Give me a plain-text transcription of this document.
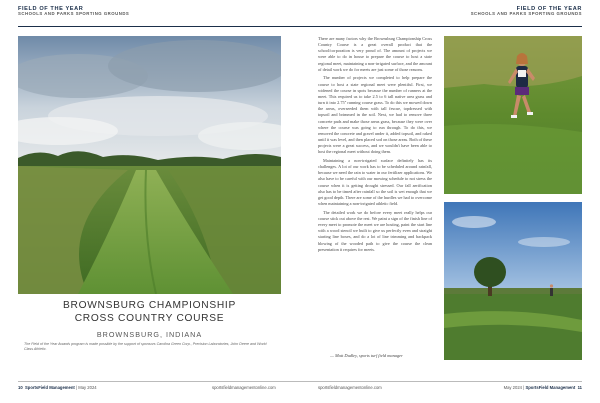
FIELD OF THE YEAR
SCHOOLS AND PARKS SPORTING GROUNDS
FIELD OF THE YEAR
SCHOOLS AND PARKS SPORTING GROUNDS

BROWNSBURG CHAMPIONSHIP

CROSS COUNTRY COURSE

BROWNSBURG, INDIANA
The Field of the Year Awards program is made possible by the support of sponsors Carolina Green Corp., Precision Laboratories, John Deere and World Class Athletic.

There are many factors why the Brownsburg Championship Cross Country Course is a great overall product that the school/corporation is very proud of. The amount of projects we were able to do in house to prepare the course to host a state regional meet, maintaining a non-irrigated surface, and the amount of detail work we do for meets are just some of those reasons.

The number of projects we completed to help prepare the course to host a state regional meet were plentiful. First, we widened the course in spots because the number of runners at the meet. This required us to take 2.5 to 6 tall native area grass and turn it into 2.75" running course grass. To do this we mowed down the areas, overseeded them with tall fescue, topdressed with topsoil and brimmed in the soil. Next, we had to remove three concrete pads and make those areas grass, because they were over where the course was going to run through. To do this, we removed the concrete and gravel under it, added topsoil, and raked until it was level, and then placed sod on those areas. Both of these projects were a great success, and we wouldn't have been able to host the regional meet without doing them.

Maintaining a non-irrigated surface definitely has its challenges. A lot of our work has to be scheduled around rainfall, because we need the rain to water in our fertilizer applications. We also have to be careful with our mowing schedule to not stress the course when it is getting drought stressed. Our fall aerification also has to be timed after rainfall so the soil is wet enough that we get good depth. There are some of the hurdles we had to overcome when maintaining a non-irrigated athletic field.

The detailed work we do before every meet really helps our course stick out above the rest. We paint a sign of the finish line of every meet to promote the meet we are hosting, paint the start line with a wood stencil we built to give us perfectly even and straight starting line boxes, and do a lot of line trimming and backpack blowing of the wooded path to give the course the clean presentation it requires for meets.

— Matt Dudley, sports turf field manager
10 SportsField Management | May 2024	sportsfieldmanagementonline.com	sportsfieldmanagementonline.com	May 2024 | SportsField Management 11
